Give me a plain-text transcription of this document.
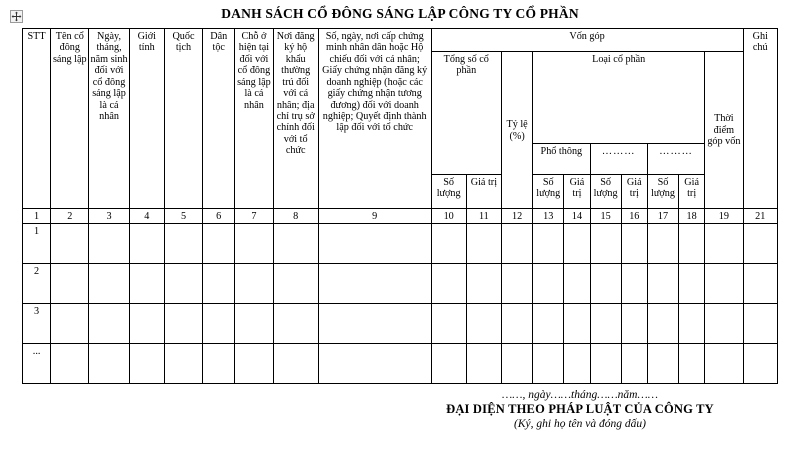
DANH SÁCH CỔ ĐÔNG SÁNG LẬP CÔNG TY CỔ PHẦN
STT	Tên cổ đông sáng lập	Ngày, tháng, năm sinh đối với cổ đông sáng lập là cá nhân	Giới tính	Quốc tịch	Dân tộc	Chỗ ở hiện tại đối với cổ đông sáng lập là cá nhân	Nơi đăng ký hộ khẩu thường trú đối với cá nhân; địa chỉ trụ sở chính đối với tổ chức	Số, ngày, nơi cấp chứng minh nhân dân hoặc Hộ chiếu đối với cá nhân; Giấy chứng nhận đăng ký doanh nghiệp (hoặc các giấy chứng nhận tương đương) đối với doanh nghiệp; Quyết định thành lập đối với tổ chức	Vốn góp										Ghi chú
									Tổng số cổ phần		Tỷ lệ (%)	Loại cổ phần						Thời điểm góp vốn	
												Phổ thông		………		………			
									Số lượng	Giá trị		Số lượng	Giá trị	Số lượng	Giá trị	Số lượng	Giá trị		
1	2	3	4	5	6	7	8	9	10	11	12	13	14	15	16	17	18	19	21
1																			
2																			
3																			
...																			
……, ngày……tháng……năm……
ĐẠI DIỆN THEO PHÁP LUẬT CỦA CÔNG TY
(Ký, ghi họ tên và đóng dấu)
